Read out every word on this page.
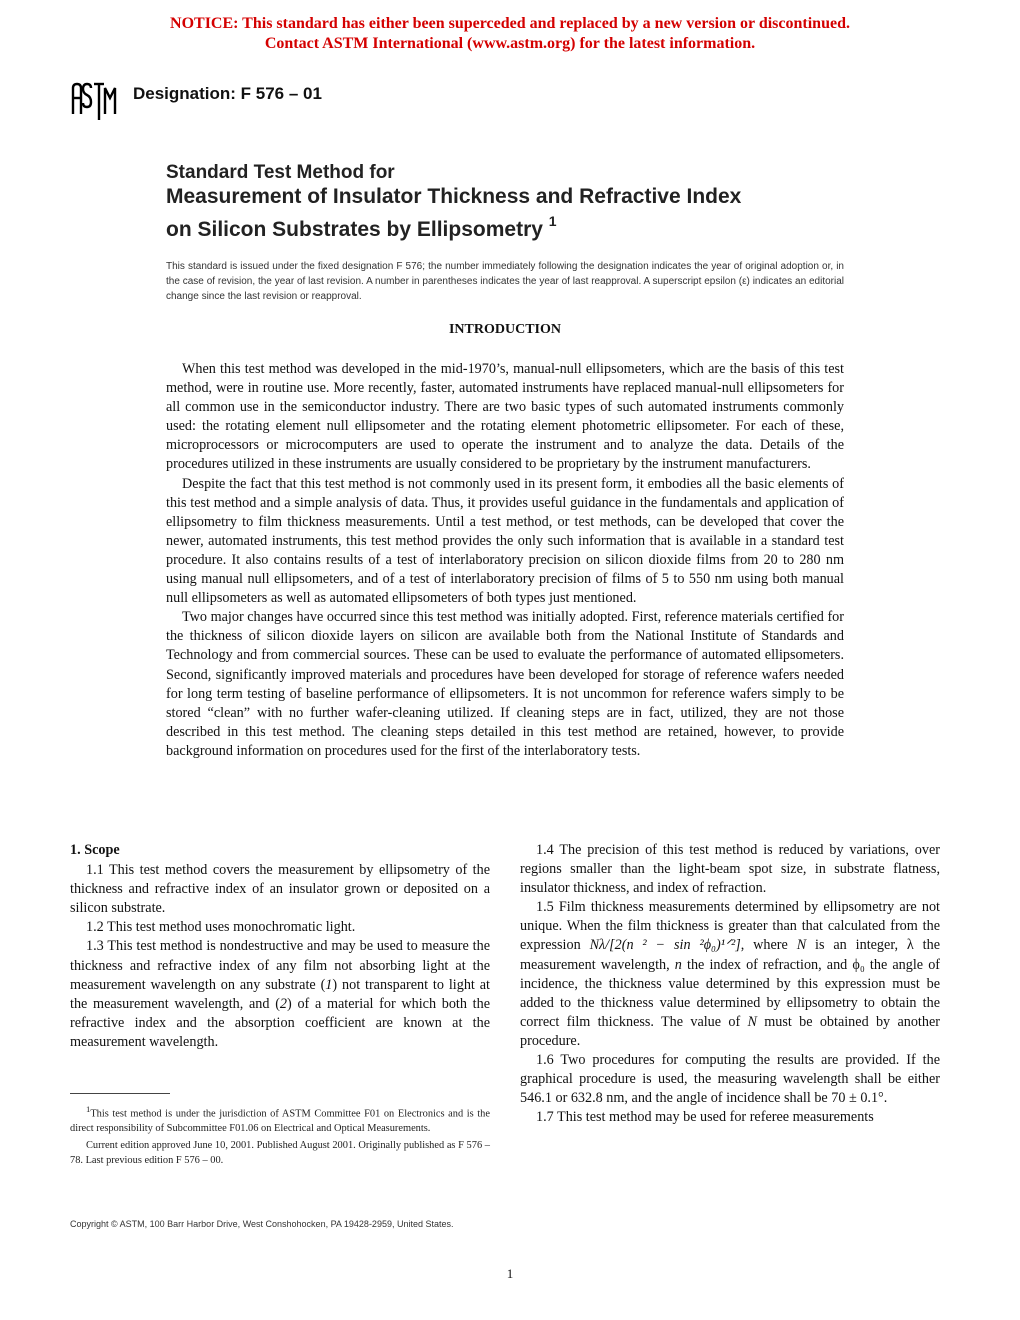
NOTICE: This standard has either been superceded and replaced by a new version or discontinued.
Contact ASTM International (www.astm.org) for the latest information.
Designation: F 576 – 01
Standard Test Method for
Measurement of Insulator Thickness and Refractive Index
on Silicon Substrates by Ellipsometry $^1$
This standard is issued under the fixed designation F 576; the number immediately following the designation indicates the year of original adoption or, in the case of revision, the year of last revision. A number in parentheses indicates the year of last reapproval. A superscript epsilon (ε) indicates an editorial change since the last revision or reapproval.
INTRODUCTION

When this test method was developed in the mid-1970’s, manual-null ellipsometers, which are the basis of this test method, were in routine use. More recently, faster, automated instruments have replaced manual-null ellipsometers for all common use in the semiconductor industry. There are two basic types of such automated instruments commonly used: the rotating element null ellipsometer and the rotating element photometric ellipsometer. For each of these, microprocessors or microcomputers are used to operate the instrument and to analyze the data. Details of the procedures utilized in these instruments are usually considered to be proprietary by the instrument manufacturers.

Despite the fact that this test method is not commonly used in its present form, it embodies all the basic elements of this test method and a simple analysis of data. Thus, it provides useful guidance in the fundamentals and application of ellipsometry to film thickness measurements. Until a test method, or test methods, can be developed that cover the newer, automated instruments, this test method provides the only such information that is available in a standard test procedure. It also contains results of a test of interlaboratory precision on silicon dioxide films from 20 to 280 nm using manual null ellipsometers, and of a test of interlaboratory precision of films of 5 to 550 nm using both manual null ellipsometers as well as automated ellipsometers of both types just mentioned.

Two major changes have occurred since this test method was initially adopted. First, reference materials certified for the thickness of silicon dioxide layers on silicon are available both from the National Institute of Standards and Technology and from commercial sources. These can be used to evaluate the performance of automated ellipsometers. Second, significantly improved materials and procedures have been developed for storage of reference wafers needed for long term testing of baseline performance of ellipsometers. It is not uncommon for reference wafers simply to be stored “clean” with no further wafer-cleaning utilized. If cleaning steps are in fact, utilized, they are not those described in this test method. The cleaning steps detailed in this test method are retained, however, to provide background information on procedures used for the first of the interlaboratory tests.

1. Scope

1.1 This test method covers the measurement by ellipsometry of the thickness and refractive index of an insulator grown or deposited on a silicon substrate.

1.2 This test method uses monochromatic light.

1.3 This test method is nondestructive and may be used to measure the thickness and refractive index of any film not absorbing light at the measurement wavelength on any substrate (1) not transparent to light at the measurement wavelength, and (2) of a material for which both the refractive index and the absorption coefficient are known at the measurement wavelength.

1.4 The precision of this test method is reduced by variations, over regions smaller than the light-beam spot size, in substrate flatness, insulator thickness, and index of refraction.

1.5 Film thickness measurements determined by ellipsometry are not unique. When the film thickness is greater than that calculated from the expression Nλ/[2(n ² − sin ²ϕ₀)¹ᐟ²], where N is an integer, λ the measurement wavelength, n the index of refraction, and ϕ₀ the angle of incidence, the thickness value determined by this expression must be added to the thickness value determined by ellipsometry to obtain the correct film thickness. The value of N must be obtained by another procedure.

1.6 Two procedures for computing the results are provided. If the graphical procedure is used, the measuring wavelength shall be either 546.1 or 632.8 nm, and the angle of incidence shall be 70 ± 0.1°.

1.7 This test method may be used for referee measurements

$^1$This test method is under the jurisdiction of ASTM Committee F01 on Electronics and is the direct responsibility of Subcommittee F01.06 on Electrical and Optical Measurements.

Current edition approved June 10, 2001. Published August 2001. Originally published as F 576 – 78. Last previous edition F 576 – 00.

Copyright © ASTM, 100 Barr Harbor Drive, West Conshohocken, PA 19428-2959, United States.
1
